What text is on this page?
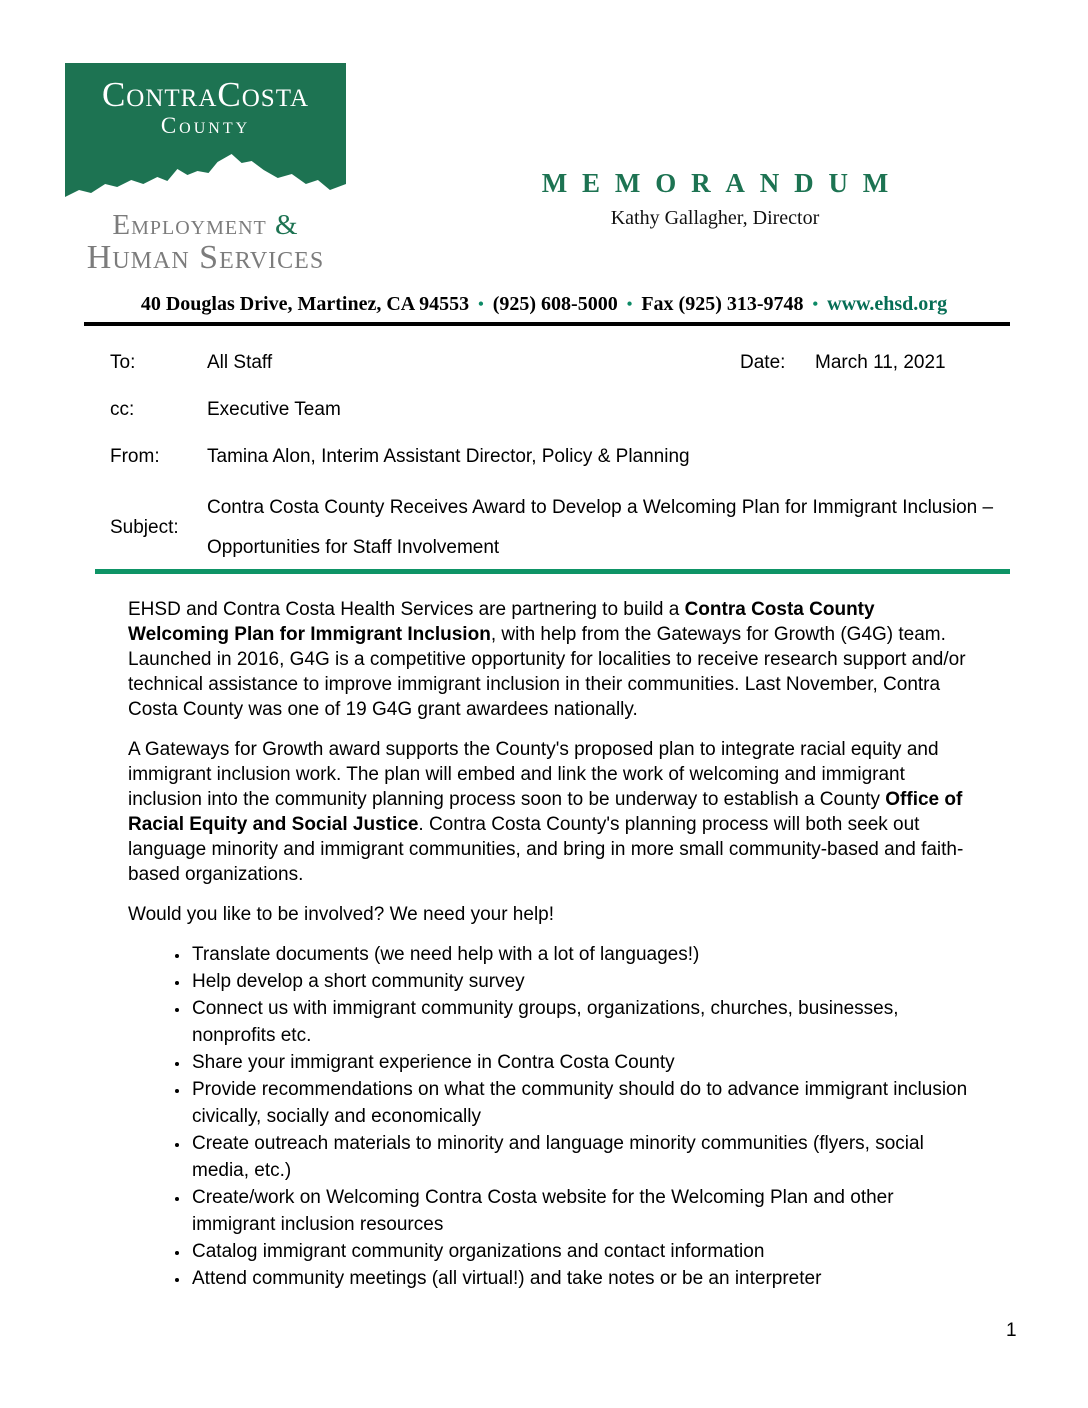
ContraCosta
County
Employment &
Human Services
MEMORANDUM
Kathy Gallagher, Director
40 Douglas Drive, Martinez, CA 94553 • (925) 608-5000 • Fax (925) 313-9748 • www.ehsd.org
To:	All Staff	Date:	March 11, 2021
cc:	Executive Team
From:	Tamina Alon, Interim Assistant Director, Policy & Planning
Subject:
Contra Costa County Receives Award to Develop a Welcoming Plan for Immigrant Inclusion – Opportunities for Staff Involvement

EHSD and Contra Costa Health Services are partnering to build a Contra Costa County Welcoming Plan for Immigrant Inclusion, with help from the Gateways for Growth (G4G) team. Launched in 2016, G4G is a competitive opportunity for localities to receive research support and/or technical assistance to improve immigrant inclusion in their communities. Last November, Contra Costa County was one of 19 G4G grant awardees nationally.

A Gateways for Growth award supports the County's proposed plan to integrate racial equity and immigrant inclusion work. The plan will embed and link the work of welcoming and immigrant inclusion into the community planning process soon to be underway to establish a County Office of Racial Equity and Social Justice. Contra Costa County's planning process will both seek out language minority and immigrant communities, and bring in more small community-based and faith-based organizations.

Would you like to be involved? We need your help!

• Translate documents (we need help with a lot of languages!)
• Help develop a short community survey
• Connect us with immigrant community groups, organizations, churches, businesses, nonprofits etc.
• Share your immigrant experience in Contra Costa County
• Provide recommendations on what the community should do to advance immigrant inclusion civically, socially and economically
• Create outreach materials to minority and language minority communities (flyers, social media, etc.)
• Create/work on Welcoming Contra Costa website for the Welcoming Plan and other immigrant inclusion resources
• Catalog immigrant community organizations and contact information
• Attend community meetings (all virtual!) and take notes or be an interpreter
1
